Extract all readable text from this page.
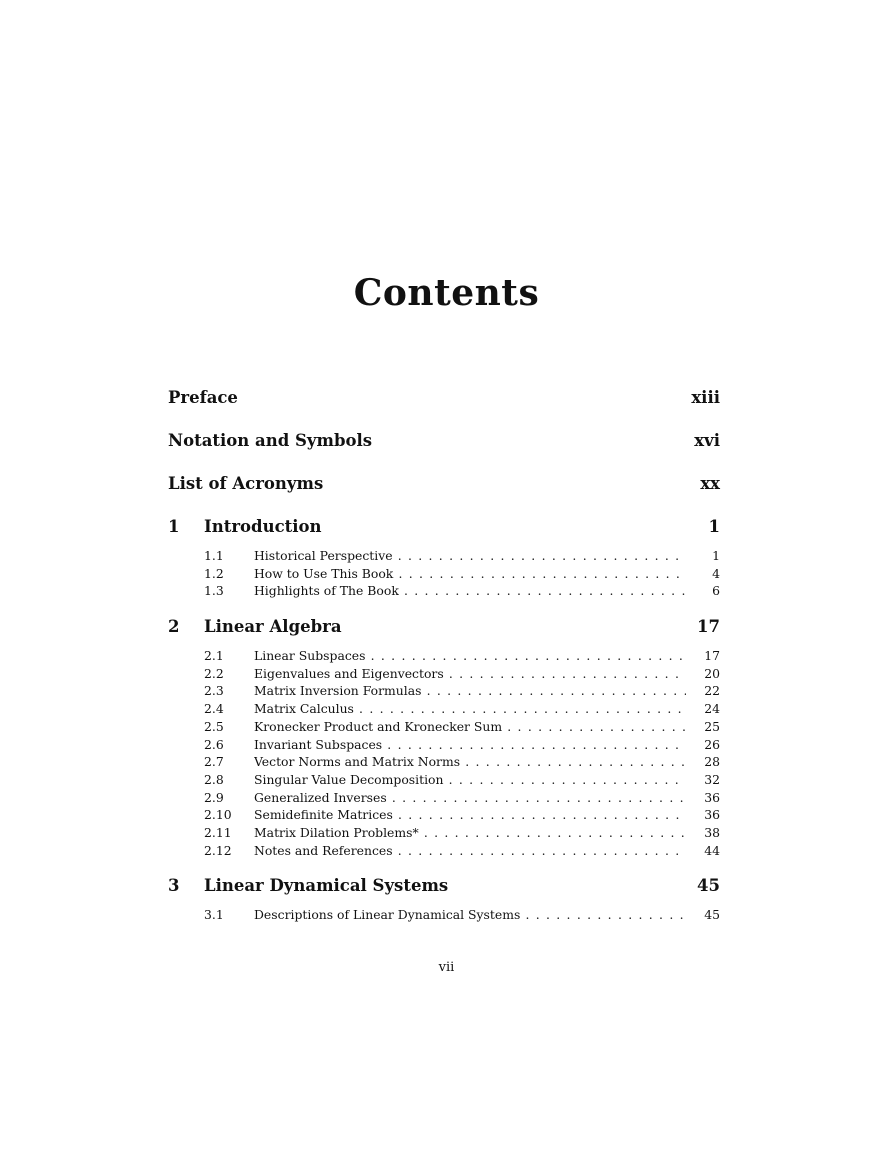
Contents
Preface	xiii
Notation and Symbols	xvi
List of Acronyms	xx
1	Introduction	1
1.1	Historical Perspective . . .	1
1.2	How to Use This Book . . .	4
1.3	Highlights of The Book . . .	6
2	Linear Algebra	17
2.1	Linear Subspaces . . .	17
2.2	Eigenvalues and Eigenvectors . . .	20
2.3	Matrix Inversion Formulas . . .	22
2.4	Matrix Calculus . . .	24
2.5	Kronecker Product and Kronecker Sum . . .	25
2.6	Invariant Subspaces . . .	26
2.7	Vector Norms and Matrix Norms . . .	28
2.8	Singular Value Decomposition . . .	32
2.9	Generalized Inverses . . .	36
2.10	Semidefinite Matrices . . .	36
2.11	Matrix Dilation Problems* . . .	38
2.12	Notes and References . . .	44
3	Linear Dynamical Systems	45
3.1	Descriptions of Linear Dynamical Systems . . .	45
vii
